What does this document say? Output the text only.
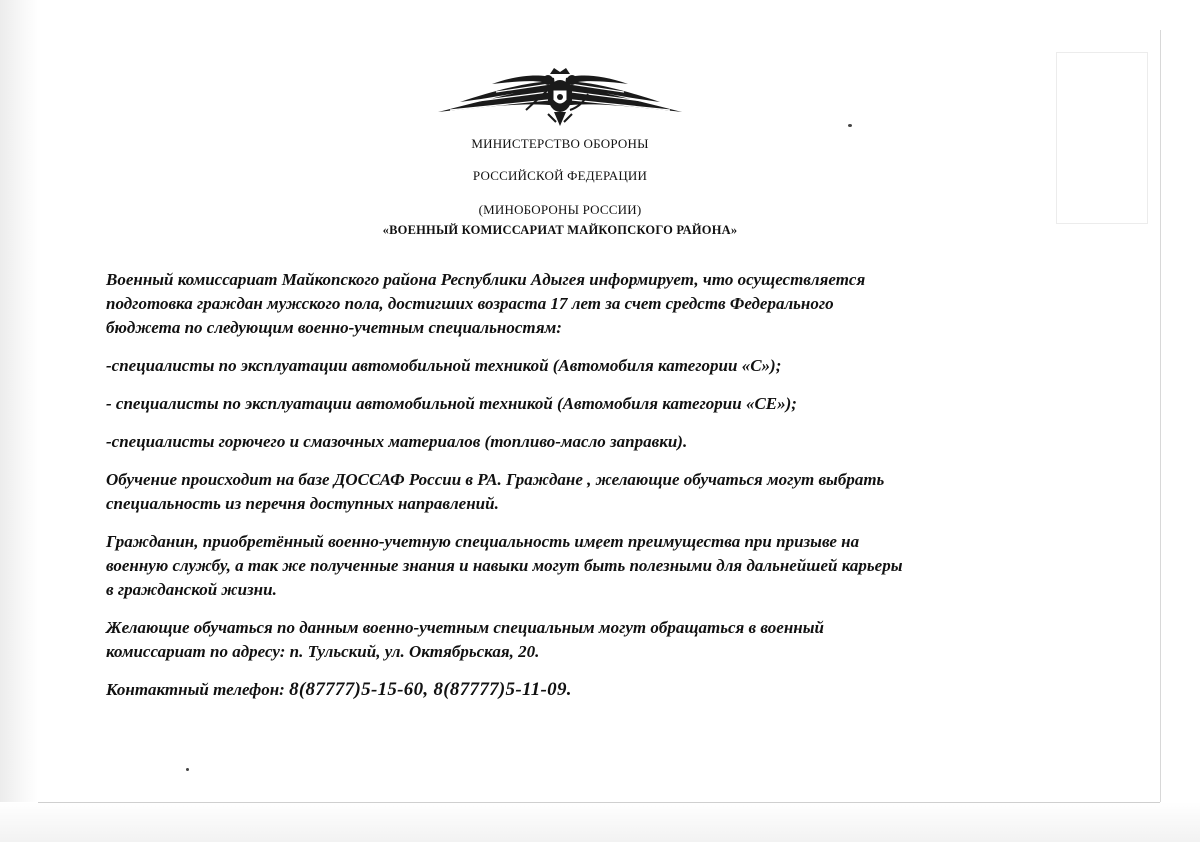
МИНИСТЕРСТВО ОБОРОНЫ
РОССИЙСКОЙ ФЕДЕРАЦИИ
(МИНОБОРОНЫ РОССИИ)
«ВОЕННЫЙ КОМИССАРИАТ МАЙКОПСКОГО РАЙОНА»

Военный комиссариат Майкопского района Республики Адыгея информирует, что осуществляется
подготовка граждан мужского пола, достигших возраста 17 лет за счет средств Федерального
бюджета по следующим военно-учетным специальностям:

-специалисты по эксплуатации автомобильной техникой (Автомобиля категории «С»);

- специалисты по эксплуатации автомобильной техникой (Автомобиля категории «СЕ»);

-специалисты горючего и смазочных материалов (топливо-масло заправки).

Обучение происходит на базе ДОССАФ России в РА. Граждане , желающие обучаться могут выбрать
специальность из перечня доступных направлений.

Гражданин, приобретённый военно-учетную специальность имеет преимущества при призыве на
военную службу, а так же полученные знания и навыки могут быть полезными для дальнейшей карьеры
в гражданской жизни.

Желающие обучаться по данным военно-учетным специальным могут обращаться в военный
комиссариат по адресу: п. Тульский, ул. Октябрьская, 20.

Контактный телефон: 8(87777)5-15-60, 8(87777)5-11-09.
